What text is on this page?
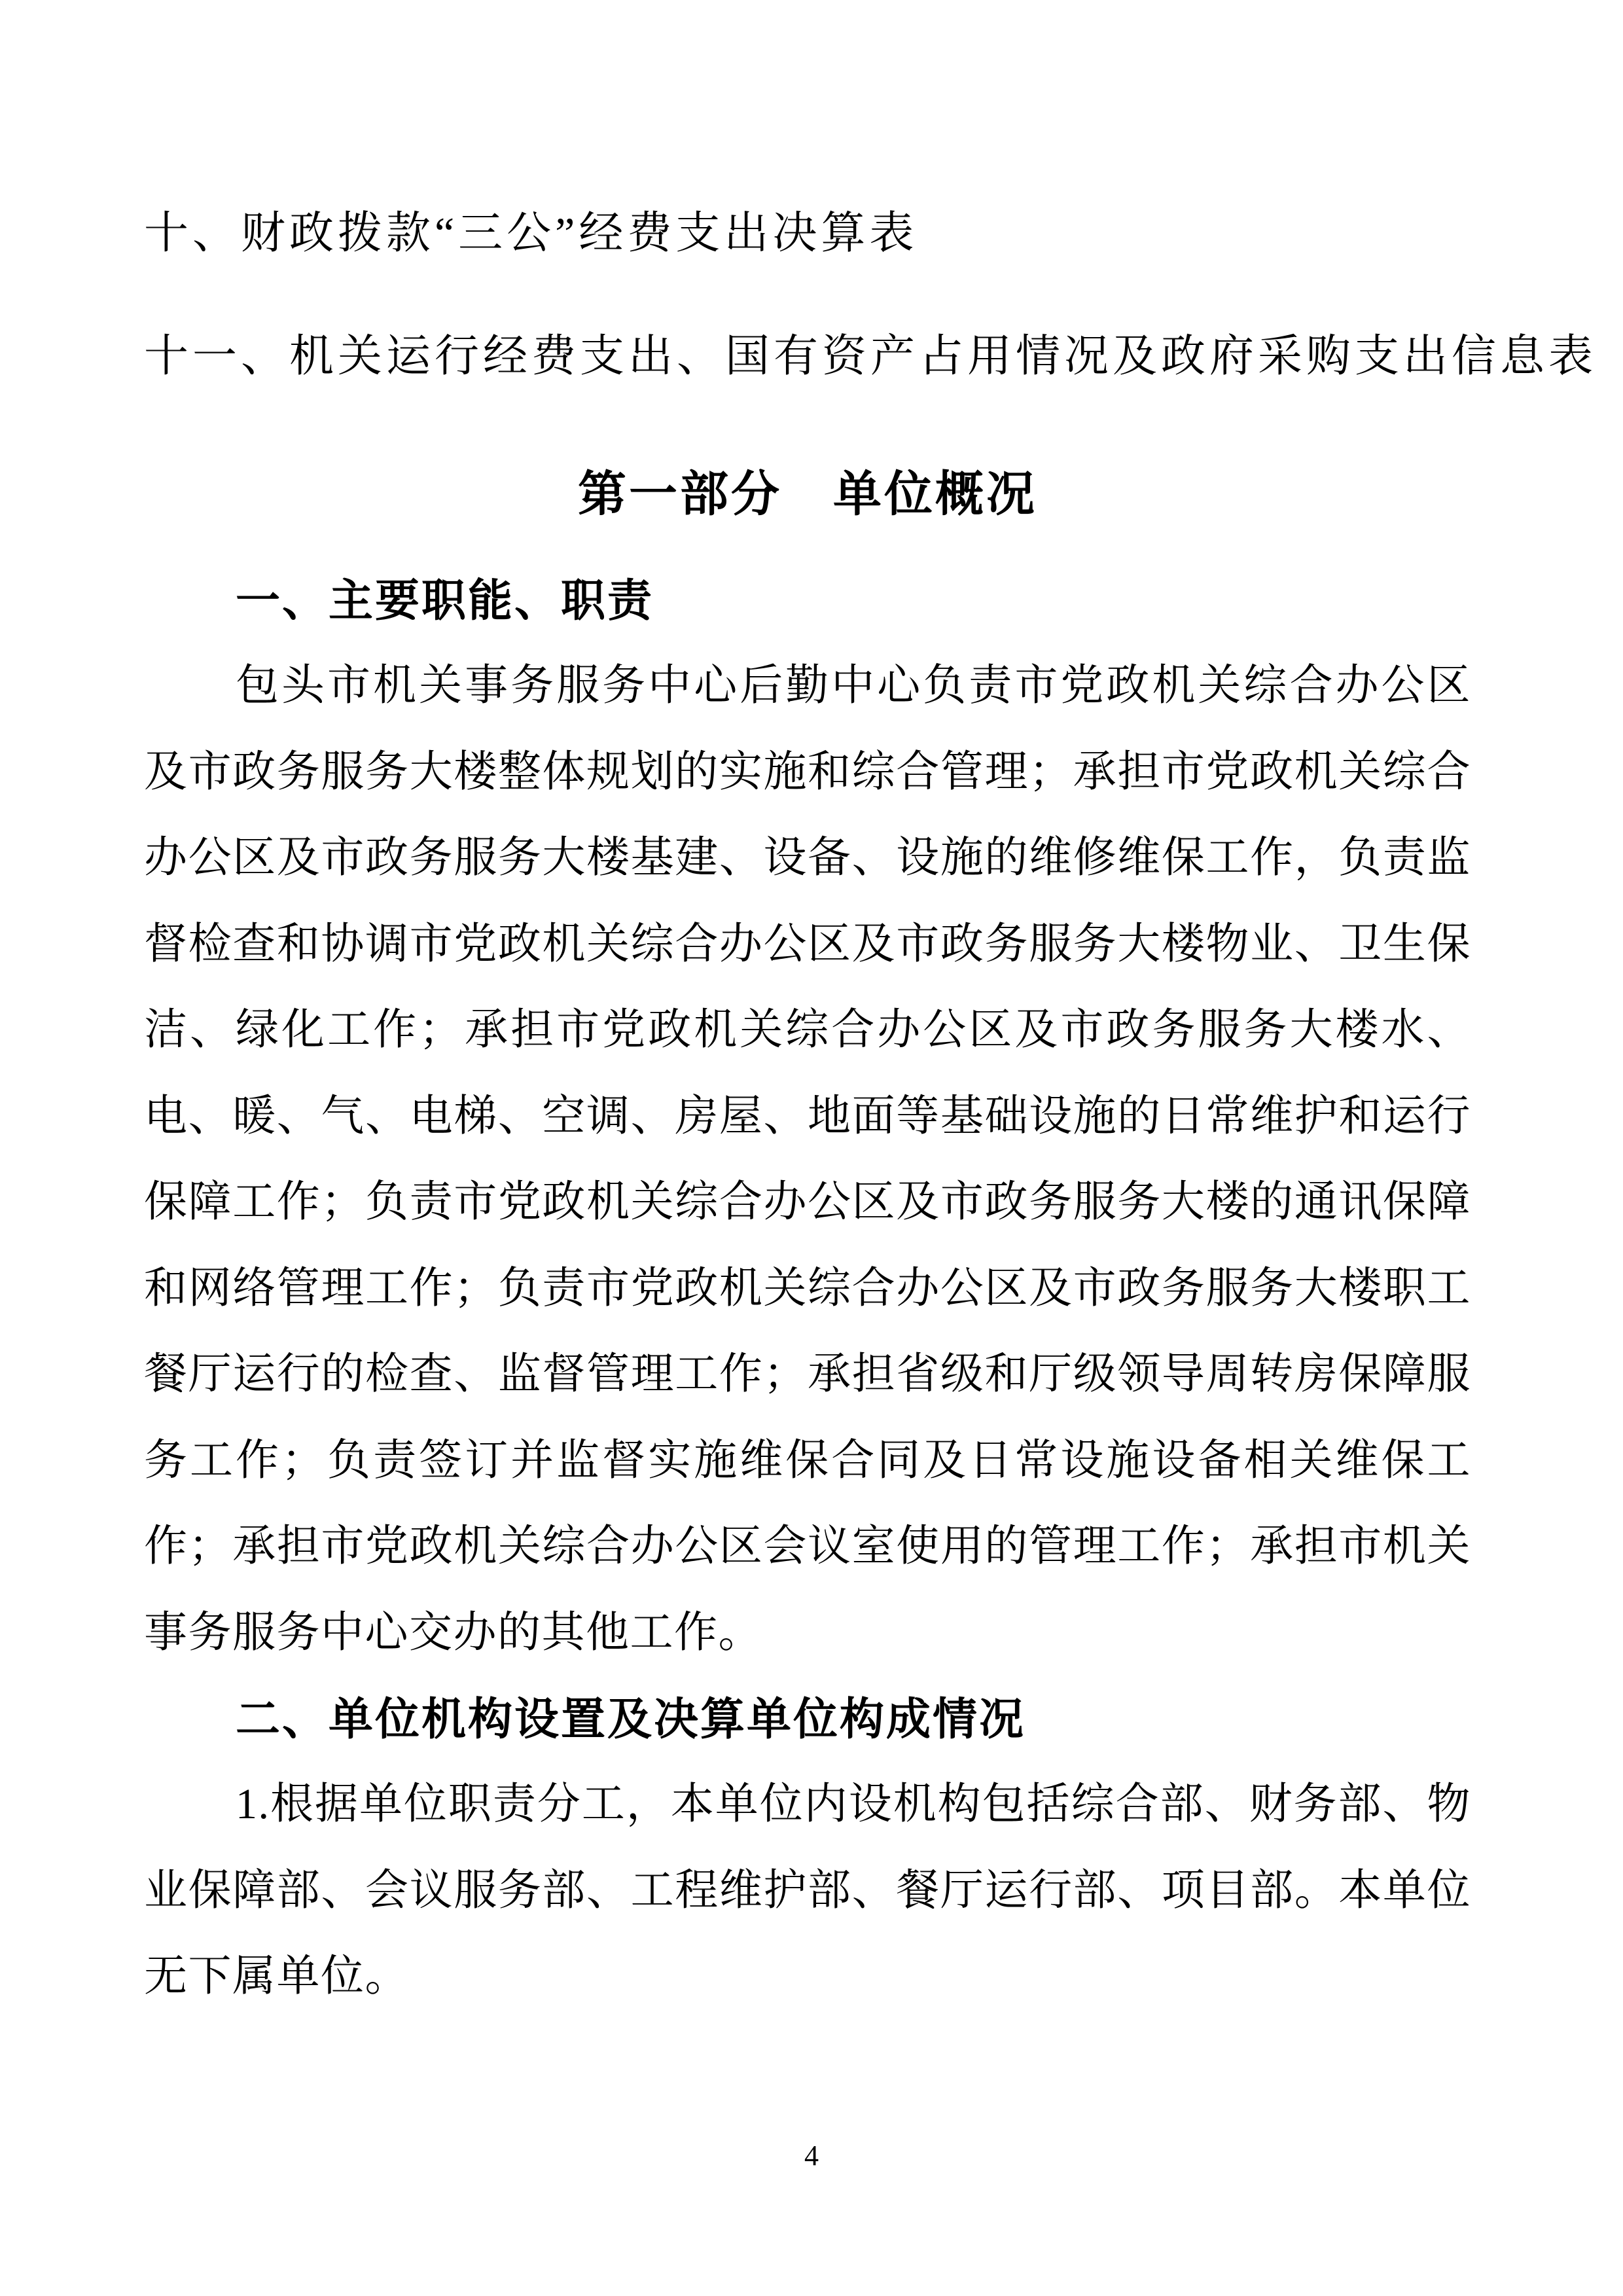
十、财政拨款“三公”经费支出决算表
十一、机关运行经费支出、国有资产占用情况及政府采购支出信息表
第一部分　单位概况
一、主要职能、职责
包头市机关事务服务中心后勤中心负责市党政机关综合办公区及市政务服务大楼整体规划的实施和综合管理；承担市党政机关综合办公区及市政务服务大楼基建、设备、设施的维修维保工作，负责监督检查和协调市党政机关综合办公区及市政务服务大楼物业、卫生保洁、绿化工作；承担市党政机关综合办公区及市政务服务大楼水、电、暖、气、电梯、空调、房屋、地面等基础设施的日常维护和运行保障工作；负责市党政机关综合办公区及市政务服务大楼的通讯保障和网络管理工作；负责市党政机关综合办公区及市政务服务大楼职工餐厅运行的检查、监督管理工作；承担省级和厅级领导周转房保障服务工作；负责签订并监督实施维保合同及日常设施设备相关维保工作；承担市党政机关综合办公区会议室使用的管理工作；承担市机关事务服务中心交办的其他工作。
二、单位机构设置及决算单位构成情况
1.根据单位职责分工，本单位内设机构包括综合部、财务部、物业保障部、会议服务部、工程维护部、餐厅运行部、项目部。本单位无下属单位。
4
